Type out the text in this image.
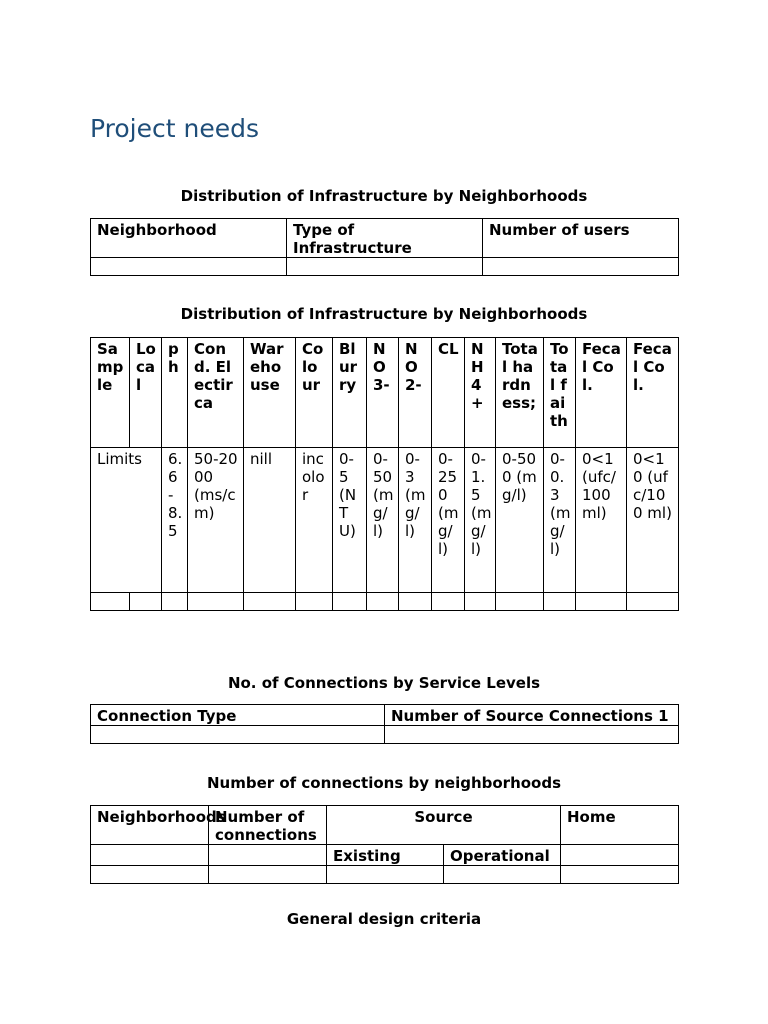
Project needs

Distribution of Infrastructure by Neighborhoods

Neighborhood	Type of Infrastructure	Number of users

Distribution of Infrastructure by Neighborhoods

Sample	Local	ph	Cond. Electirca	Warehouse	Colour	Blurry	NO3-	NO2-	CL	NH4+	Total hardness;	Total faith	Fecal Col.	Fecal Col.
Limits		6.6-8.5	50-2000 (ms/cm)	nill	incolor	0-5 (NTU)	0-50 (mg/l)	0-3 (mg/l)	0-250 (mg/l)	0-1.5 (mg/l)	0-500 (mg/l)	0-0.3 (mg/l)	0<1 (ufc/100 ml)	0<10 (ufc/100 ml)

No. of Connections by Service Levels

Connection Type	Number of Source Connections 1

Number of connections by neighborhoods

Neighborhoods	Number of connections	Source		Home
		Existing	Operational	

General design criteria
